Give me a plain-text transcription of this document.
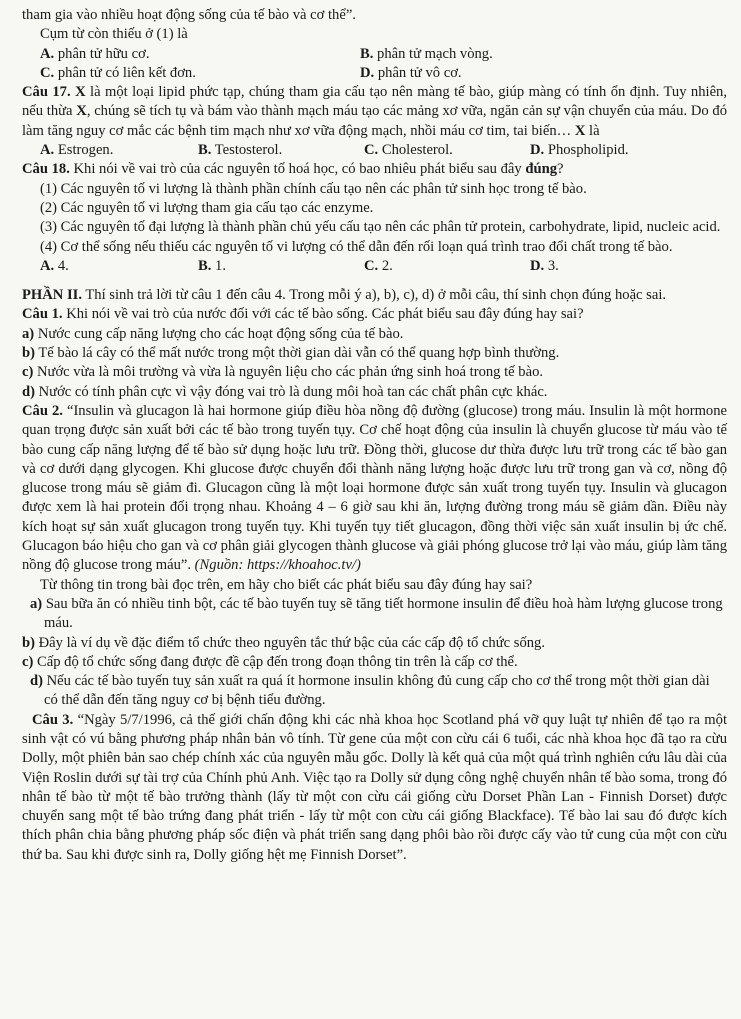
tham gia vào nhiều hoạt động sống của tế bào và cơ thể”.

Cụm từ còn thiếu ở (1) là

A. phân tử hữu cơ.	B. phân tử mạch vòng.
C. phân tử có liên kết đơn.	D. phân tử vô cơ.

Câu 17. X là một loại lipid phức tạp, chúng tham gia cấu tạo nên màng tế bào, giúp màng có tính ổn định. Tuy nhiên, nếu thừa X, chúng sẽ tích tụ và bám vào thành mạch máu tạo các mảng xơ vữa, ngăn cản sự vận chuyển của máu. Do đó làm tăng nguy cơ mắc các bệnh tim mạch như xơ vữa động mạch, nhồi máu cơ tim, tai biến… X là

A. Estrogen.	B. Testosterol.	C. Cholesterol.	D. Phospholipid.

Câu 18. Khi nói về vai trò của các nguyên tố hoá học, có bao nhiêu phát biểu sau đây đúng?

(1) Các nguyên tố vi lượng là thành phần chính cấu tạo nên các phân tử sinh học trong tế bào.

(2) Các nguyên tố vi lượng tham gia cấu tạo các enzyme.

(3) Các nguyên tố đại lượng là thành phần chủ yếu cấu tạo nên các phân tử protein, carbohydrate, lipid, nucleic acid.

(4) Cơ thể sống nếu thiếu các nguyên tố vi lượng có thể dẫn đến rối loạn quá trình trao đổi chất trong tế bào.

A. 4.	B. 1.	C. 2.	D. 3.

PHẦN II. Thí sinh trả lời từ câu 1 đến câu 4. Trong mỗi ý a), b), c), d) ở mỗi câu, thí sinh chọn đúng hoặc sai.

Câu 1. Khi nói về vai trò của nước đối với các tế bào sống. Các phát biểu sau đây đúng hay sai?

a) Nước cung cấp năng lượng cho các hoạt động sống của tế bào.

b) Tế bào lá cây có thể mất nước trong một thời gian dài vẫn có thể quang hợp bình thường.

c) Nước vừa là môi trường và vừa là nguyên liệu cho các phản ứng sinh hoá trong tế bào.

d) Nước có tính phân cực vì vậy đóng vai trò là dung môi hoà tan các chất phân cực khác.

Câu 2. “Insulin và glucagon là hai hormone giúp điều hòa nồng độ đường (glucose) trong máu. Insulin là một hormone quan trọng được sản xuất bởi các tế bào trong tuyến tụy. Cơ chế hoạt động của insulin là chuyển glucose từ máu vào tế bào cung cấp năng lượng để tế bào sử dụng hoặc lưu trữ. Đồng thời, glucose dư thừa được lưu trữ trong các tế bào gan và cơ dưới dạng glycogen. Khi glucose được chuyển đổi thành năng lượng hoặc được lưu trữ trong gan và cơ, nồng độ glucose trong máu sẽ giảm đi. Glucagon cũng là một loại hormone được sản xuất trong tuyến tụy. Insulin và glucagon được xem là hai protein đối trọng nhau. Khoảng 4 – 6 giờ sau khi ăn, lượng đường trong máu sẽ giảm dần. Điều này kích hoạt sự sản xuất glucagon trong tuyến tụy. Khi tuyến tụy tiết glucagon, đồng thời việc sản xuất insulin bị ức chế. Glucagon báo hiệu cho gan và cơ phân giải glycogen thành glucose và giải phóng glucose trở lại vào máu, giúp làm tăng nồng độ glucose trong máu”. (Nguồn: https://khoahoc.tv/)

Từ thông tin trong bài đọc trên, em hãy cho biết các phát biểu sau đây đúng hay sai?

a) Sau bữa ăn có nhiều tinh bột, các tế bào tuyến tuỵ sẽ tăng tiết hormone insulin để điều hoà hàm lượng glucose trong máu.

b) Đây là ví dụ về đặc điểm tổ chức theo nguyên tắc thứ bậc của các cấp độ tổ chức sống.

c) Cấp độ tổ chức sống đang được đề cập đến trong đoạn thông tin trên là cấp cơ thể.

d) Nếu các tế bào tuyến tuỵ sản xuất ra quá ít hormone insulin không đủ cung cấp cho cơ thể trong một thời gian dài có thể dẫn đến tăng nguy cơ bị bệnh tiểu đường.

Câu 3. “Ngày 5/7/1996, cả thế giới chấn động khi các nhà khoa học Scotland phá vỡ quy luật tự nhiên để tạo ra một sinh vật có vú bằng phương pháp nhân bản vô tính. Từ gene của một con cừu cái 6 tuổi, các nhà khoa học đã tạo ra cừu Dolly, một phiên bản sao chép chính xác của nguyên mẫu gốc. Dolly là kết quả của một quá trình nghiên cứu lâu dài của Viện Roslin dưới sự tài trợ của Chính phủ Anh. Việc tạo ra Dolly sử dụng công nghệ chuyển nhân tế bào soma, trong đó nhân tế bào từ một tế bào trưởng thành (lấy từ một con cừu cái giống cừu Dorset Phần Lan - Finnish Dorset) được chuyển sang một tế bào trứng đang phát triển - lấy từ một con cừu cái giống Blackface). Tế bào lai sau đó được kích thích phân chia bằng phương pháp sốc điện và phát triển sang dạng phôi bào rồi được cấy vào tử cung của một con cừu thứ ba. Sau khi được sinh ra, Dolly giống hệt mẹ Finnish Dorset”.
